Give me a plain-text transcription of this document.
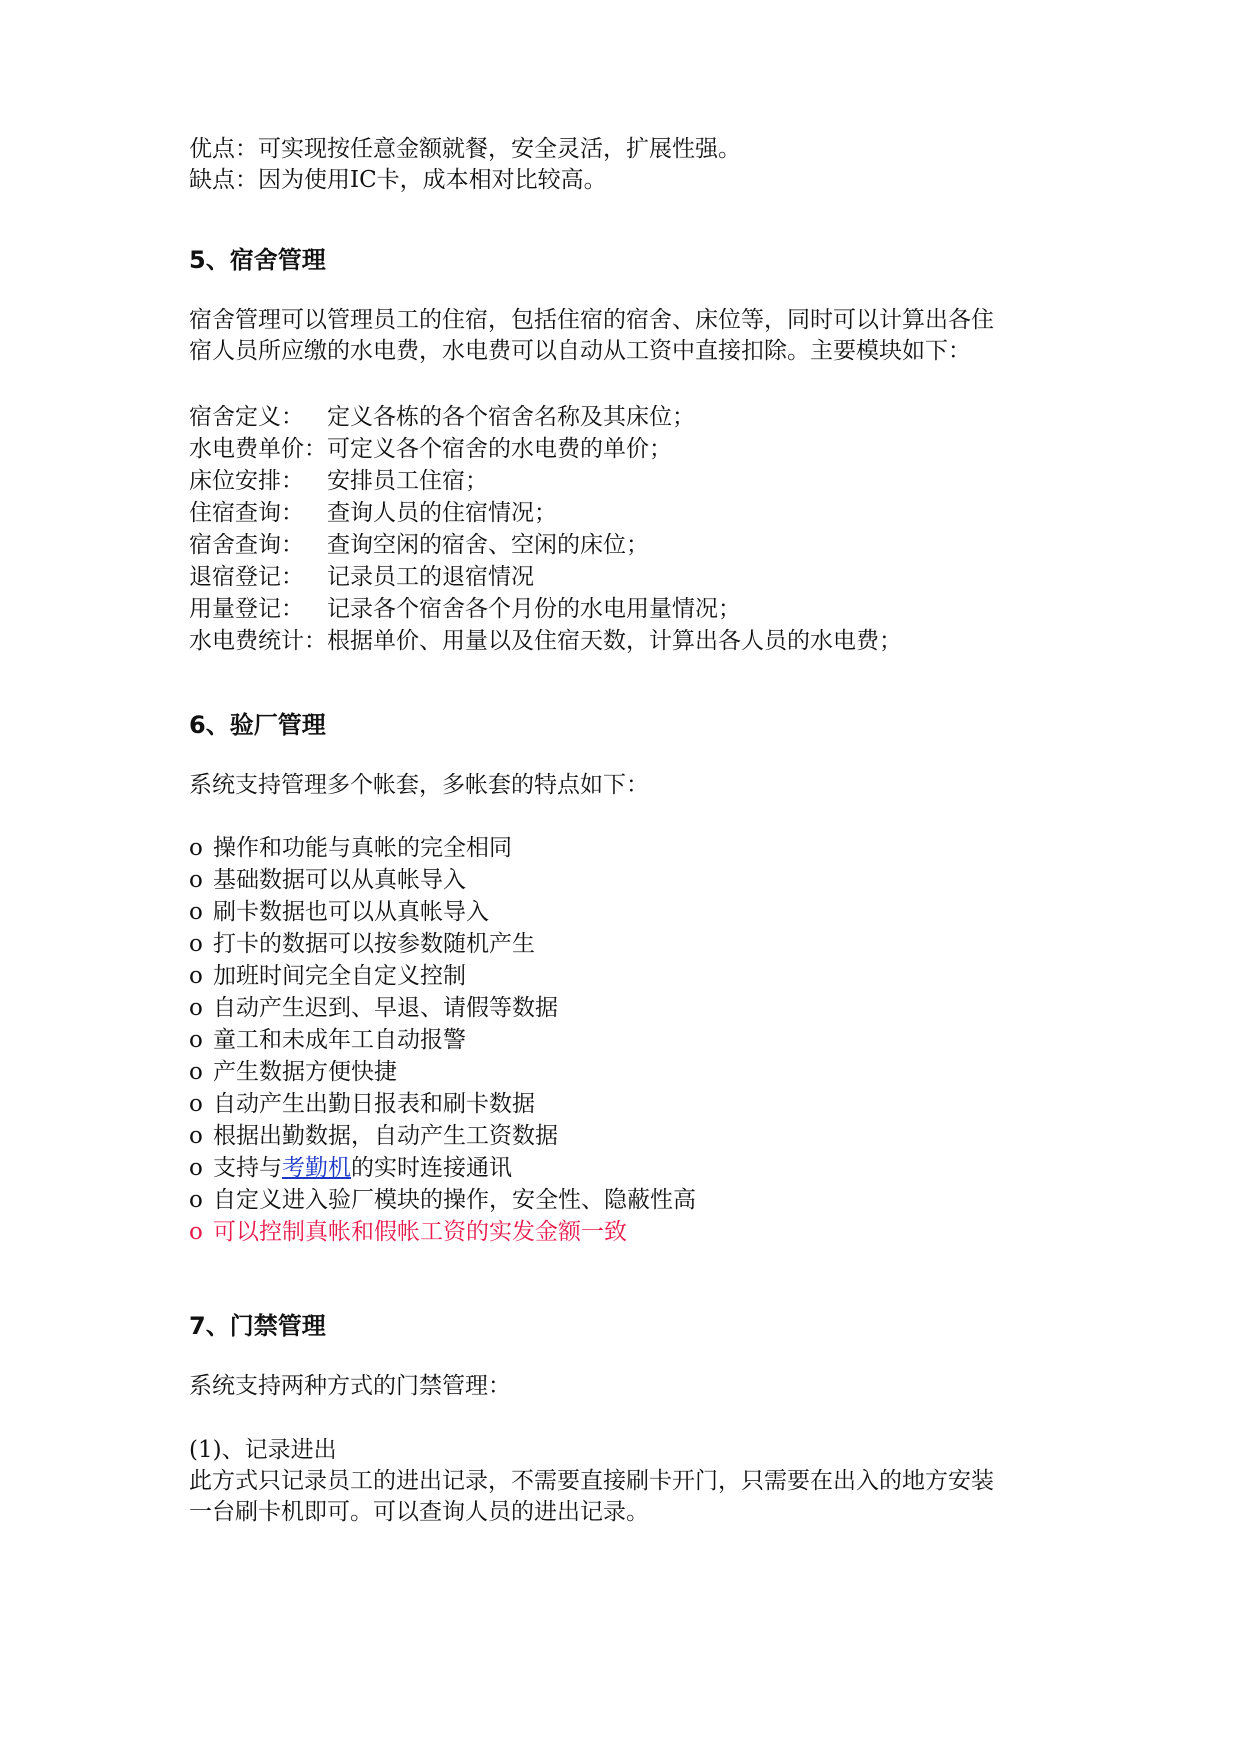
优点：可实现按任意金额就餐，安全灵活，扩展性强。
缺点：因为使用IC卡，成本相对比较高。
5、宿舍管理
宿舍管理可以管理员工的住宿，包括住宿的宿舍、床位等，同时可以计算出各住
宿人员所应缴的水电费，水电费可以自动从工资中直接扣除。主要模块如下：
宿舍定义： 定义各栋的各个宿舍名称及其床位；
水电费单价：可定义各个宿舍的水电费的单价；
床位安排： 安排员工住宿；
住宿查询： 查询人员的住宿情况；
宿舍查询： 查询空闲的宿舍、空闲的床位；
退宿登记： 记录员工的退宿情况
用量登记： 记录各个宿舍各个月份的水电用量情况；
水电费统计：根据单价、用量以及住宿天数，计算出各人员的水电费；
6、验厂管理
系统支持管理多个帐套，多帐套的特点如下：
o 操作和功能与真帐的完全相同
o 基础数据可以从真帐导入
o 刷卡数据也可以从真帐导入
o 打卡的数据可以按参数随机产生
o 加班时间完全自定义控制
o 自动产生迟到、早退、请假等数据
o 童工和未成年工自动报警
o 产生数据方便快捷
o 自动产生出勤日报表和刷卡数据
o 根据出勤数据，自动产生工资数据
o 支持与考勤机的实时连接通讯
o 自定义进入验厂模块的操作，安全性、隐蔽性高
o 可以控制真帐和假帐工资的实发金额一致
7、门禁管理
系统支持两种方式的门禁管理：
(1)、记录进出
此方式只记录员工的进出记录，不需要直接刷卡开门，只需要在出入的地方安装
一台刷卡机即可。可以查询人员的进出记录。
